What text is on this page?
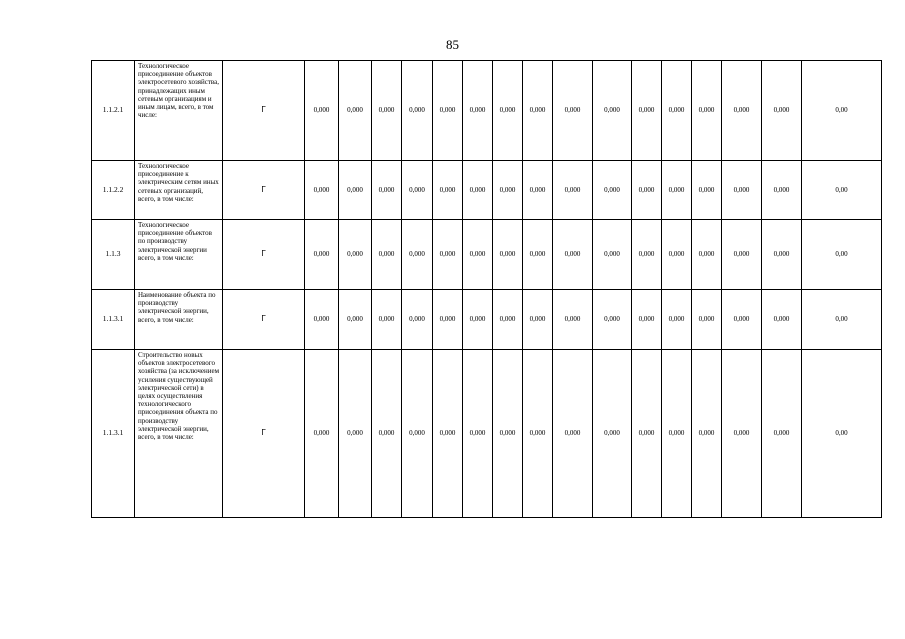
85
1.1.2.1	Технологическое присоединение объектов электросетевого хозяйства, принадлежащих иным сетевым организациям и иным лицам, всего, в том числе:	Г	0,000	0,000	0,000	0,000	0,000	0,000	0,000	0,000	0,000	0,000	0,000	0,000	0,000	0,000	0,000	0,00
1.1.2.2	Технологическое присоединение к электрическим сетям иных сетевых организаций, всего, в том числе:	Г	0,000	0,000	0,000	0,000	0,000	0,000	0,000	0,000	0,000	0,000	0,000	0,000	0,000	0,000	0,000	0,00
1.1.3	Технологическое присоединение объектов по производству электрической энергии всего, в том числе:	Г	0,000	0,000	0,000	0,000	0,000	0,000	0,000	0,000	0,000	0,000	0,000	0,000	0,000	0,000	0,000	0,00
1.1.3.1	Наименование объекта по производству электрической энергии, всего, в том числе:	Г	0,000	0,000	0,000	0,000	0,000	0,000	0,000	0,000	0,000	0,000	0,000	0,000	0,000	0,000	0,000	0,00
1.1.3.1	Строительство новых объектов электросетевого хозяйства (за исключением усиления существующей электрической сети) в целях осуществления технологического присоединения объекта по производству электрической энергии, всего, в том числе:	Г	0,000	0,000	0,000	0,000	0,000	0,000	0,000	0,000	0,000	0,000	0,000	0,000	0,000	0,000	0,000	0,00
